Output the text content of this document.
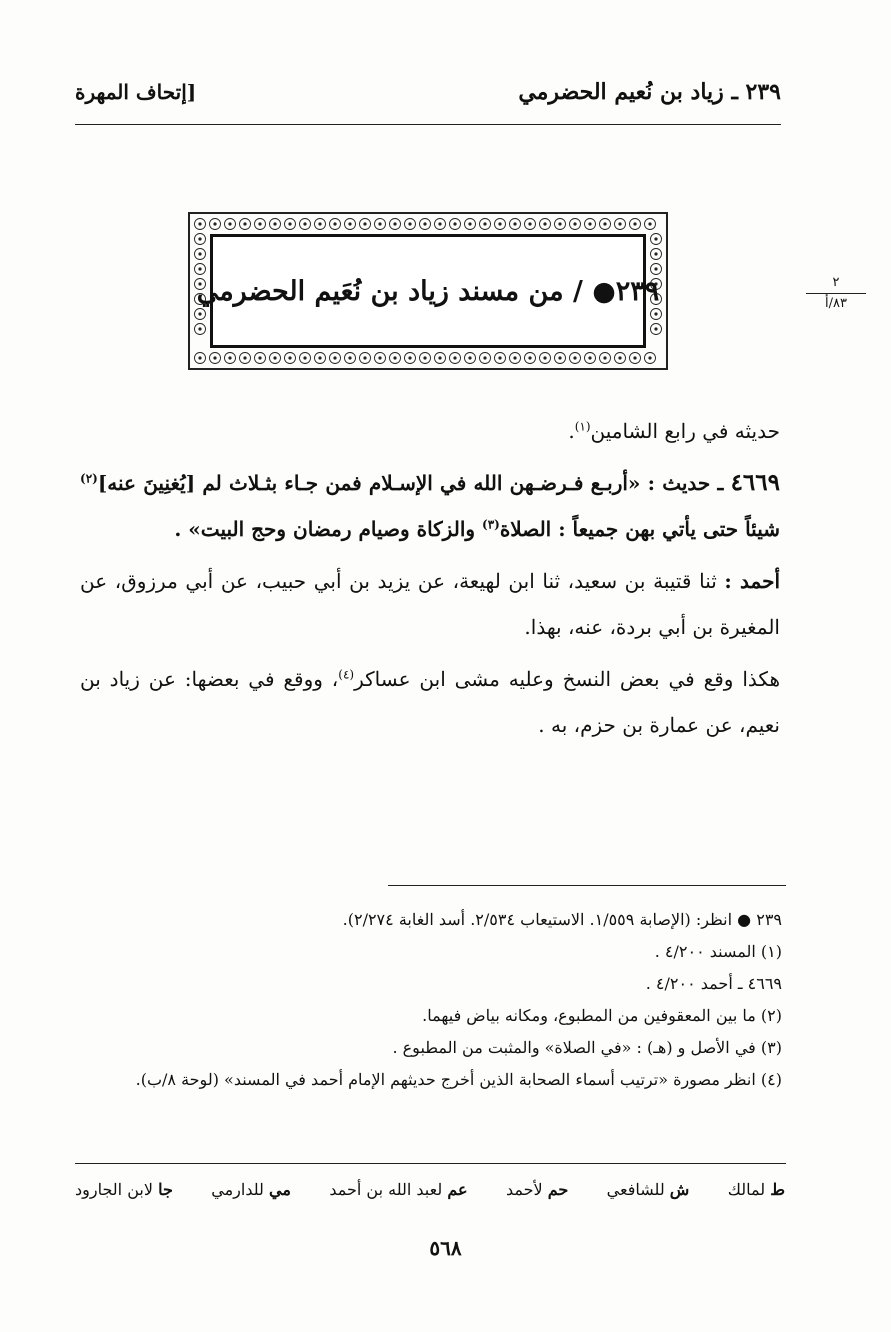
٢٣٩ ـ زياد بن نُعيم الحضرمي
[إتحاف المهرة
٢٣٩● / من مسند زياد بن نُعَيم الحضرمي	٢
٨٣/أ

حديثه في رابع الشامين$^{(١)}$.

٤٦٦٩ ـ حديث : «أربـع فـرضـهن الله في الإسـلام فمن جـاء بثـلاث لم [يُغنِينَ عنه]$^{(٢)}$ شيئاً حتى يأتي بهن جميعاً : الصلاة$^{(٣)}$ والزكاة وصيام رمضان وحج البيت» .

أحمد : ثنا قتيبة بن سعيد، ثنا ابن لهيعة، عن يزيد بن أبي حبيب، عن أبي مرزوق، عن المغيرة بن أبي بردة، عنه، بهذا.

هكذا وقع في بعض النسخ وعليه مشى ابن عساكر$^{(٤)}$، ووقع في بعضها: عن زياد بن نعيم، عن عمارة بن حزم، به .

٢٣٩ ● انظر: (الإصابة ١/٥٥٩. الاستيعاب ٢/٥٣٤. أسد الغابة ٢/٢٧٤).
(١) المسند ٤/٢٠٠ .
٤٦٦٩ ـ أحمد ٤/٢٠٠ .
(٢) ما بين المعقوفين من المطبوع، ومكانه بياض فيهما.
(٣) في الأصل و (هـ) : «في الصلاة» والمثبت من المطبوع .
(٤) انظر مصورة «ترتيب أسماء الصحابة الذين أخرج حديثهم الإمام أحمد في المسند» (لوحة ٨/ب).
ط لمالك
ش للشافعي
حم لأحمد
عم لعبد الله بن أحمد
مي للدارمي
جا لابن الجارود
٥٦٨
